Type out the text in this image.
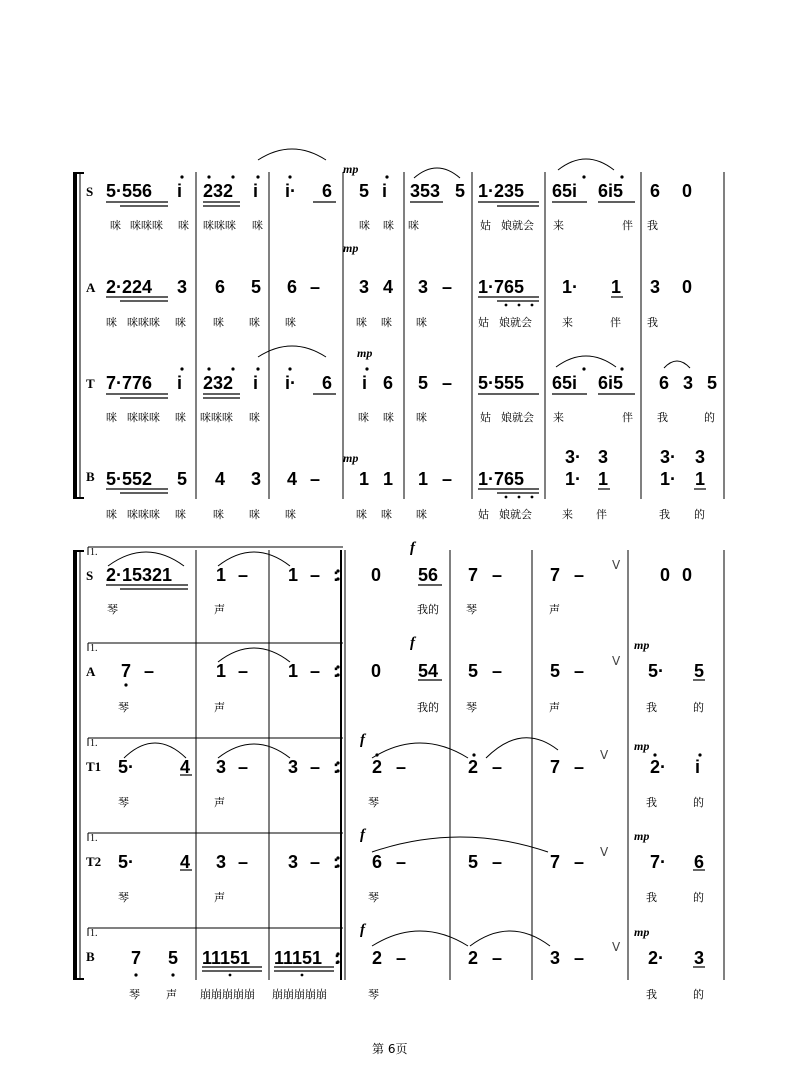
S
A
T
B
mp
mp
mp
mp
5·556 i 232 i i· 6 5 i 353 5 1·235 65i 6i5 6 0
咪 咪咪咪 咪 咪咪咪 咪	咪 咪 咪	姑 娘就会 来	伴 我
2·224 3 6 5 6 – 3 4 3 – 1·765 1· 1 3 0
咪 咪咪咪 咪 咪 咪 咪	咪 咪 咪	姑 娘就会	来	伴 我
7·776 i 232 i i· 6 i 6 5 – 5·555 65i 6i5 6 3 5
咪 咪咪咪 咪 咪咪咪 咪	咪 咪 咪	姑 娘就会 来	伴 我	的
3· 3	3· 3
5·552 5 4 3 4 – 1 1 1 – 1·765 1· 1	1· 1
咪 咪咪咪 咪 咪 咪 咪	咪 咪 咪	姑 娘就会	来 伴	我 的
1.
1.
1.
1.
1.
S
A
T1
T2
B
f
f
f
f
f
mp
mp
mp
mp
V
V
V
V
V
2·15321 1 – 1 – : 0 56 7 –	7 –	0 0
琴	声	我的 琴	声
7 –	1 – 1 – : 0 54 5 –	5 –	5· 5
琴	声	我的 琴	声	我	的
5·	4 3 – 3 – : 2 –	2 –	7 –	2· i
琴	声	琴	我	的
5·	4 3 – 3 – : 6 –	5 –	7 –	7· 6
琴	声	琴	我	的
7 5 11151 11151 : 2 –	2 –	3 –	2· 3
琴 声 崩崩崩崩崩 崩崩崩崩崩	琴	我	的
第 6页
